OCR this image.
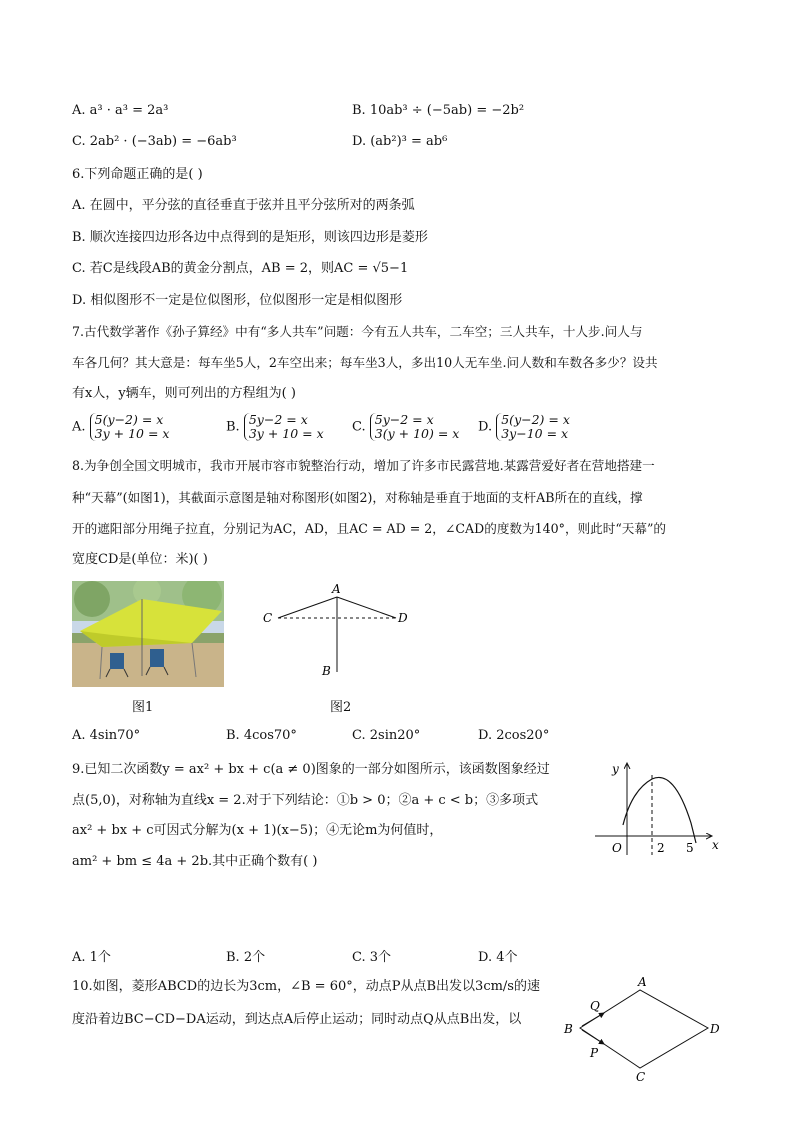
A. a³ · a³ = 2a³	B. 10ab³ ÷ (−5ab) = −2b²
C. 2ab² · (−3ab) = −6ab³	D. (ab²)³ = ab⁶
6.下列命题正确的是( )
A. 在圆中，平分弦的直径垂直于弦并且平分弦所对的两条弧
B. 顺次连接四边形各边中点得到的是矩形，则该四边形是菱形
C. 若C是线段AB的黄金分割点，AB = 2，则AC = √5−1
D. 相似图形不一定是位似图形，位似图形一定是相似图形
7.古代数学著作《孙子算经》中有“多人共车”问题：今有五人共车，二车空；三人共车，十人步.问人与
车各几何？其大意是：每车坐5人，2车空出来；每车坐3人，多出10人无车坐.问人数和车数各多少？设共
有x人，y辆车，则可列出的方程组为( )
A. 5(y−2) = x
3y + 10 = x	B. 5y−2 = x
3y + 10 = x C. 5y−2 = x
3(y + 10) = x D. 5(y−2) = x
3y−10 = x
8.为争创全国文明城市，我市开展市容市貌整治行动，增加了许多市民露营地.某露营爱好者在营地搭建一
种“天幕”(如图1)，其截面示意图是轴对称图形(如图2)，对称轴是垂直于地面的支杆AB所在的直线，撑
开的遮阳部分用绳子拉直，分别记为AC，AD，且AC = AD = 2，∠CAD的度数为140°，则此时“天幕”的
宽度CD是(单位：米)( )
图1
A
C	D
B
图2
A. 4sin70°	B. 4cos70°	C. 2sin20°	D. 2cos20°
9.已知二次函数y = ax² + bx + c(a ≠ 0)图象的一部分如图所示，该函数图象经过
点(5,0)，对称轴为直线x = 2.对于下列结论：①b > 0；②a + c < b；③多项式
ax² + bx + c可因式分解为(x + 1)(x−5)；④无论m为何值时，
am² + bm ≤ 4a + 2b.其中正确个数有( )
y
x
O	2 5
A. 1个	B. 2个	C. 3个	D. 4个
10.如图，菱形ABCD的边长为3cm，∠B = 60°，动点P从点B出发以3cm/s的速
度沿着边BC−CD−DA运动，到达点A后停止运动；同时动点Q从点B出发，以
A
B	D
C
Q
P
